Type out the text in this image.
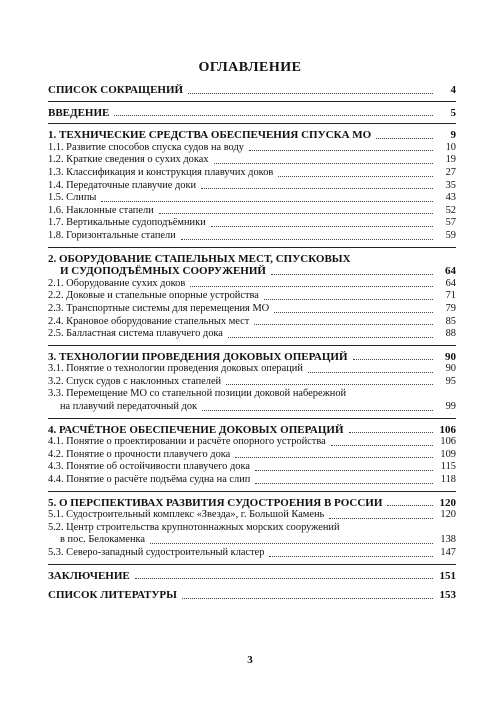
ОГЛАВЛЕНИЕ
СПИСОК СОКРАЩЕНИЙ	4
ВВЕДЕНИЕ	5
1. ТЕХНИЧЕСКИЕ СРЕДСТВА ОБЕСПЕЧЕНИЯ СПУСКА МО	9
1.1. Развитие способов спуска судов на воду	10
1.2. Краткие сведения о сухих доках	19
1.3. Классификация и конструкция плавучих доков	27
1.4. Передаточные плавучие доки	35
1.5. Слипы	43
1.6. Наклонные стапели	52
1.7. Вертикальные судоподъёмники	57
1.8. Горизонтальные стапели	59
2. ОБОРУДОВАНИЕ СТАПЕЛЬНЫХ МЕСТ, СПУСКОВЫХ
И СУДОПОДЪЁМНЫХ СООРУЖЕНИЙ	64
2.1. Оборудование сухих доков	64
2.2. Доковые и стапельные опорные устройства	71
2.3. Транспортные системы для перемещения МО	79
2.4. Крановое оборудование стапельных мест	85
2.5. Балластная система плавучего дока	88
3. ТЕХНОЛОГИИ ПРОВЕДЕНИЯ ДОКОВЫХ ОПЕРАЦИЙ	90
3.1. Понятие о технологии проведения доковых операций	90
3.2. Спуск судов с наклонных стапелей	95
3.3. Перемещение МО со стапельной позиции доковой набережной
на плавучий передаточный док	99
4. РАСЧЁТНОЕ ОБЕСПЕЧЕНИЕ ДОКОВЫХ ОПЕРАЦИЙ	106
4.1. Понятие о проектировании и расчёте опорного устройства	106
4.2. Понятие о прочности плавучего дока	109
4.3. Понятие об остойчивости плавучего дока	115
4.4. Понятие о расчёте подъёма судна на слип	118
5. О ПЕРСПЕКТИВАХ РАЗВИТИЯ СУДОСТРОЕНИЯ В РОССИИ	120
5.1. Судостроительный комплекс «Звезда», г. Большой Камень	120
5.2. Центр строительства крупнотоннажных морских сооружений
в пос. Белокаменка	138
5.3. Северо-западный судостроительный кластер	147
ЗАКЛЮЧЕНИЕ	151
СПИСОК ЛИТЕРАТУРЫ	153
3
